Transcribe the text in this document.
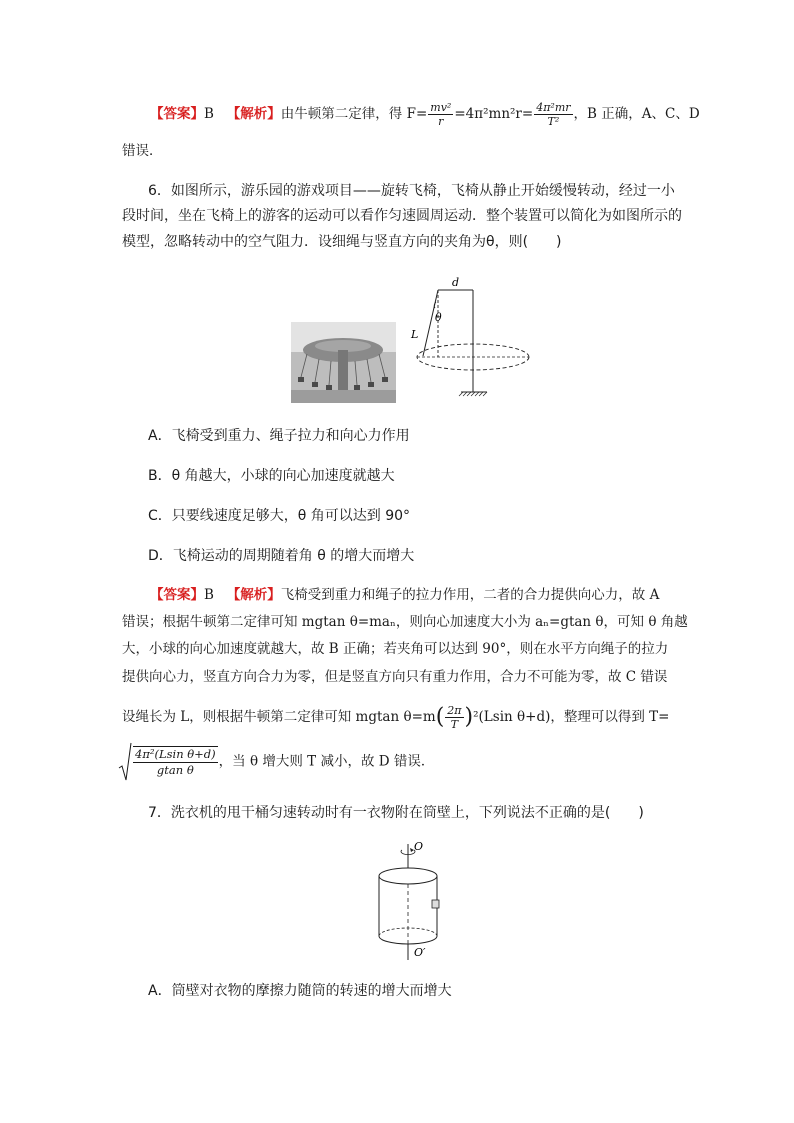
【答案】B 【解析】由牛顿第二定律，得 $F= \frac{\text{mv²}}{r} =4\pi^2mn^2r= \frac{\text{4π²mr}}{\text{T²}}$ ，B 正确，A、C、D
错误．
6．如图所示，游乐园的游戏项目——旋转飞椅，飞椅从静止开始缓慢转动，经过一小
段时间，坐在飞椅上的游客的运动可以看作匀速圆周运动．整个装置可以简化为如图所示的
模型，忽略转动中的空气阻力．设细绳与竖直方向的夹角为θ，则(　　)
d
θ
L
A．飞椅受到重力、绳子拉力和向心力作用
B．θ 角越大，小球的向心加速度就越大
C．只要线速度足够大，θ 角可以达到 90°
D．飞椅运动的周期随着角 θ 的增大而增大
【答案】B 【解析】飞椅受到重力和绳子的拉力作用，二者的合力提供向心力，故 A
错误；根据牛顿第二定律可知 mgtan θ=maₙ，则向心加速度大小为 aₙ=gtan θ，可知 θ 角越
大，小球的向心加速度就越大，故 B 正确；若夹角可以达到 90°，则在水平方向绳子的拉力
提供向心力，竖直方向合力为零，但是竖直方向只有重力作用，合力不可能为零，故 C 错误
设绳长为 L，则根据牛顿第二定律可知 mgtan $\theta=m( \frac{2\pi}{T} )^2(Lsin$ θ+d)，整理可以得到 T=
$\frac{\text{4π²(Lsin θ+d)}}{\text{gtan θ}}$ ，当 θ 增大则 T 减小，故 D 错误．
7．洗衣机的甩干桶匀速转动时有一衣物附在筒壁上，下列说法不正确的是(　　)
O
O′
A．筒壁对衣物的摩擦力随筒的转速的增大而增大
